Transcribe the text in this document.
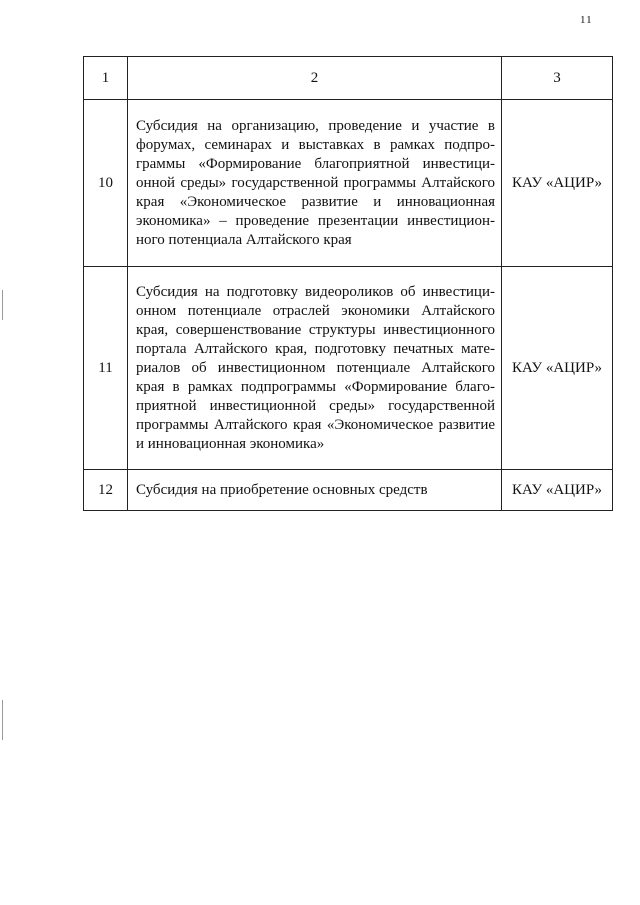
11
1	2	3
10	Субсидия на организацию, проведение и участие в форумах, семинарах и выставках в рамках подпрограммы «Формирование благоприятной инвестиционной среды» государственной программы Алтайского края «Экономическое развитие и инновационная экономика» – проведение презентации инвестиционного потенциала Алтайского края	КАУ «АЦИР»
11	Субсидия на подготовку видеороликов об инвестиционном потенциале отраслей экономики Алтайского края, совершенствование структуры инвестиционного портала Алтайского края, подготовку печатных материалов об инвестиционном потенциале Алтайского края в рамках подпрограммы «Формирование благоприятной инвестиционной среды» государственной программы Алтайского края «Экономическое развитие и инновационная экономика»	КАУ «АЦИР»
12	Субсидия на приобретение основных средств	КАУ «АЦИР»
